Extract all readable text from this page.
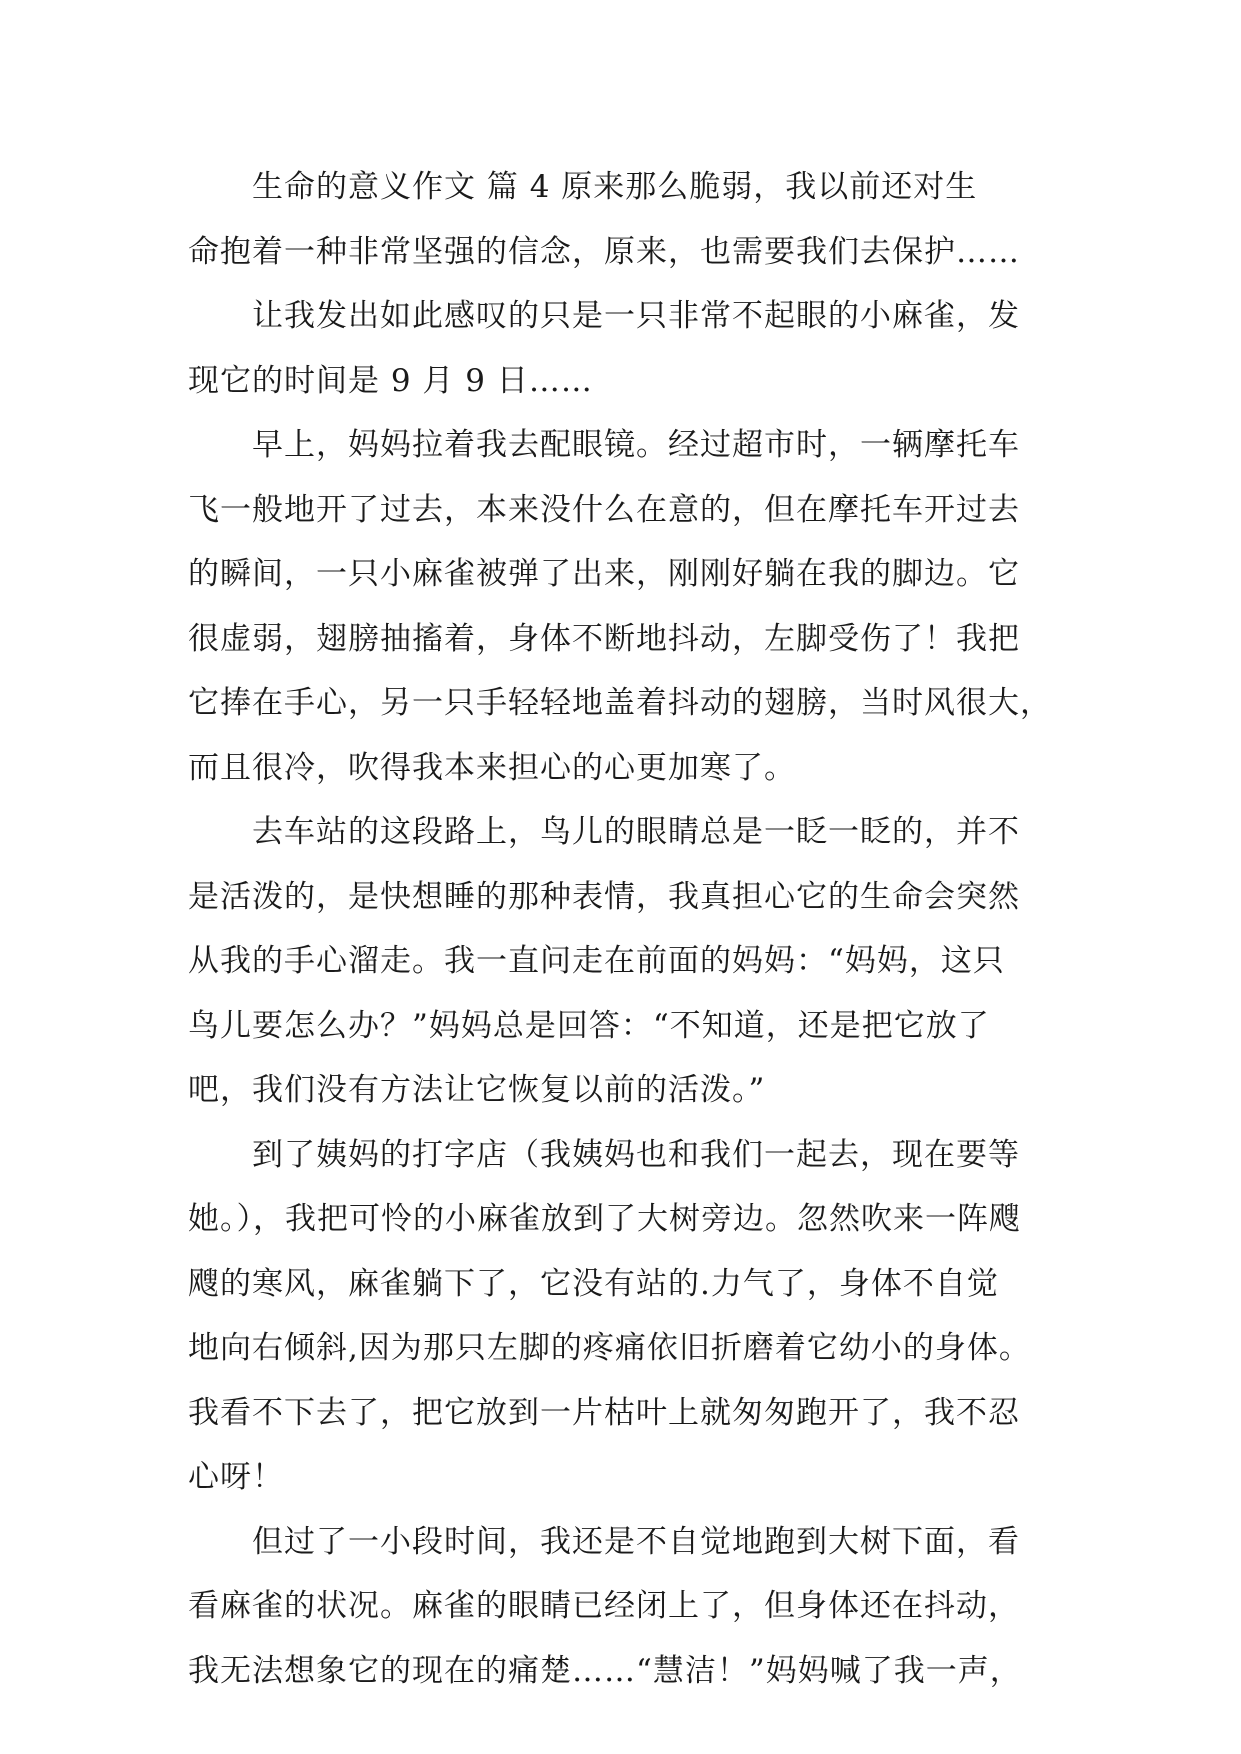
生命的意义作文 篇 4 原来那么脆弱，我以前还对生
命抱着一种非常坚强的信念，原来，也需要我们去保护……
让我发出如此感叹的只是一只非常不起眼的小麻雀，发
现它的时间是 9 月 9 日……
早上，妈妈拉着我去配眼镜。经过超市时，一辆摩托车
飞一般地开了过去，本来没什么在意的，但在摩托车开过去
的瞬间，一只小麻雀被弹了出来，刚刚好躺在我的脚边。它
很虚弱，翅膀抽搐着，身体不断地抖动，左脚受伤了！我把
它捧在手心，另一只手轻轻地盖着抖动的翅膀，当时风很大，
而且很冷，吹得我本来担心的心更加寒了。
去车站的这段路上，鸟儿的眼睛总是一眨一眨的，并不
是活泼的，是快想睡的那种表情，我真担心它的生命会突然
从我的手心溜走。我一直问走在前面的妈妈：“妈妈，这只
鸟儿要怎么办？”妈妈总是回答：“不知道，还是把它放了
吧，我们没有方法让它恢复以前的活泼。”
到了姨妈的打字店（我姨妈也和我们一起去，现在要等
她。），我把可怜的小麻雀放到了大树旁边。忽然吹来一阵飕
飕的寒风，麻雀躺下了，它没有站的.力气了，身体不自觉
地向右倾斜,因为那只左脚的疼痛依旧折磨着它幼小的身体。
我看不下去了，把它放到一片枯叶上就匆匆跑开了，我不忍
心呀！
但过了一小段时间，我还是不自觉地跑到大树下面，看
看麻雀的状况。麻雀的眼睛已经闭上了，但身体还在抖动，
我无法想象它的现在的痛楚……“慧洁！”妈妈喊了我一声，
